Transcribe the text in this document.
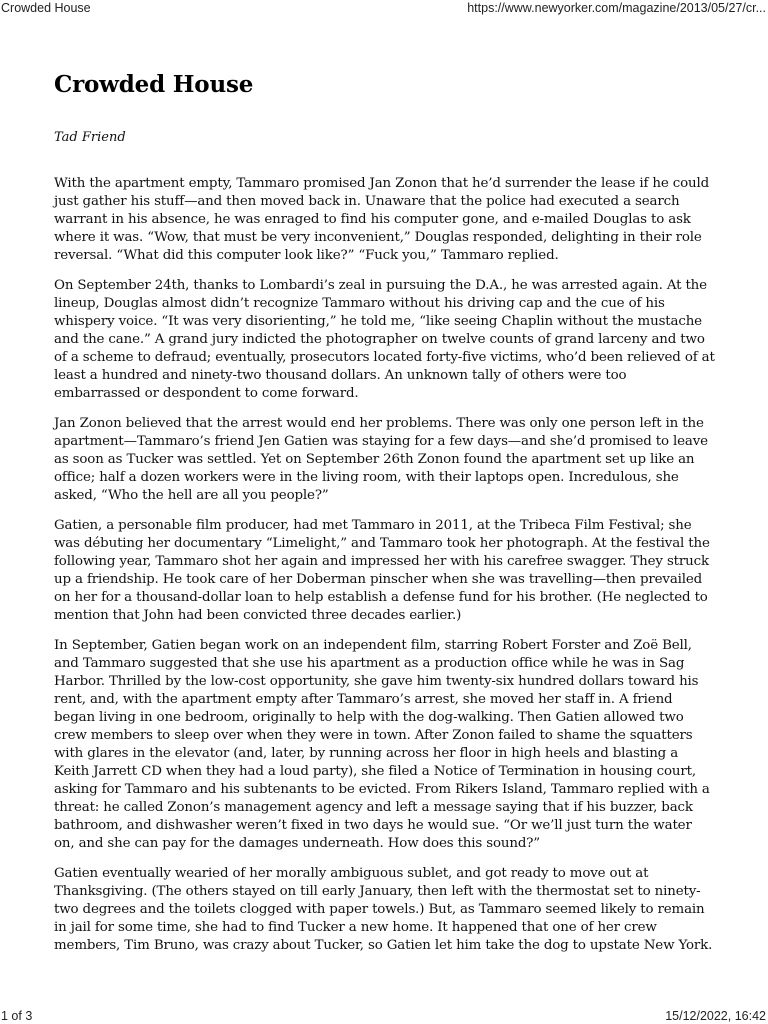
Crowded House	https://www.newyorker.com/magazine/2013/05/27/cr...
Crowded House
Tad Friend

With the apartment empty, Tammaro promised Jan Zonon that he’d surrender the lease if he could just gather his stuff—and then moved back in. Unaware that the police had executed a search warrant in his absence, he was enraged to find his computer gone, and e-mailed Douglas to ask where it was. “Wow, that must be very inconvenient,” Douglas responded, delighting in their role reversal. “What did this computer look like?” “Fuck you,” Tammaro replied.

On September 24th, thanks to Lombardi’s zeal in pursuing the D.A., he was arrested again. At the lineup, Douglas almost didn’t recognize Tammaro without his driving cap and the cue of his whispery voice. “It was very disorienting,” he told me, “like seeing Chaplin without the mustache and the cane.” A grand jury indicted the photographer on twelve counts of grand larceny and two of a scheme to defraud; eventually, prosecutors located forty-five victims, who’d been relieved of at least a hundred and ninety-two thousand dollars. An unknown tally of others were too embarrassed or despondent to come forward.

Jan Zonon believed that the arrest would end her problems. There was only one person left in the apartment—Tammaro’s friend Jen Gatien was staying for a few days—and she’d promised to leave as soon as Tucker was settled. Yet on September 26th Zonon found the apartment set up like an office; half a dozen workers were in the living room, with their laptops open. Incredulous, she asked, “Who the hell are all you people?”

Gatien, a personable film producer, had met Tammaro in 2011, at the Tribeca Film Festival; she was débuting her documentary “Limelight,” and Tammaro took her photograph. At the festival the following year, Tammaro shot her again and impressed her with his carefree swagger. They struck up a friendship. He took care of her Doberman pinscher when she was travelling—then prevailed on her for a thousand-dollar loan to help establish a defense fund for his brother. (He neglected to mention that John had been convicted three decades earlier.)

In September, Gatien began work on an independent film, starring Robert Forster and Zoë Bell, and Tammaro suggested that she use his apartment as a production office while he was in Sag Harbor. Thrilled by the low-cost opportunity, she gave him twenty-six hundred dollars toward his rent, and, with the apartment empty after Tammaro’s arrest, she moved her staff in. A friend began living in one bedroom, originally to help with the dog-walking. Then Gatien allowed two crew members to sleep over when they were in town. After Zonon failed to shame the squatters with glares in the elevator (and, later, by running across her floor in high heels and blasting a Keith Jarrett CD when they had a loud party), she filed a Notice of Termination in housing court, asking for Tammaro and his subtenants to be evicted. From Rikers Island, Tammaro replied with a threat: he called Zonon’s management agency and left a message saying that if his buzzer, back bathroom, and dishwasher weren’t fixed in two days he would sue. “Or we’ll just turn the water on, and she can pay for the damages underneath. How does this sound?”

Gatien eventually wearied of her morally ambiguous sublet, and got ready to move out at Thanksgiving. (The others stayed on till early January, then left with the thermostat set to ninety-two degrees and the toilets clogged with paper towels.) But, as Tammaro seemed likely to remain in jail for some time, she had to find Tucker a new home. It happened that one of her crew members, Tim Bruno, was crazy about Tucker, so Gatien let him take the dog to upstate New York.

1 of 3	15/12/2022, 16:42
